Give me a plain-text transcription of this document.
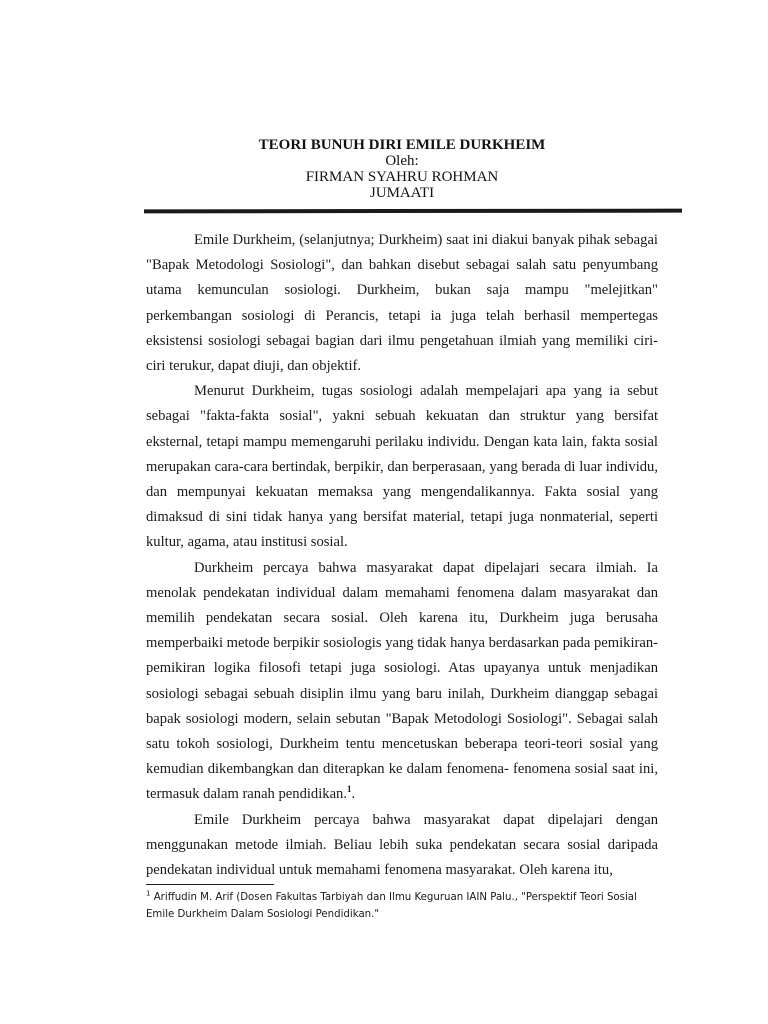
TEORI BUNUH DIRI EMILE DURKHEIM
Oleh:
FIRMAN SYAHRU ROHMAN
JUMAATI

Emile Durkheim, (selanjutnya; Durkheim) saat ini diakui banyak pihak sebagai "Bapak Metodologi Sosiologi", dan bahkan disebut sebagai salah satu penyumbang utama kemunculan sosiologi. Durkheim, bukan saja mampu "melejitkan" perkembangan sosiologi di Perancis, tetapi ia juga telah berhasil mempertegas eksistensi sosiologi sebagai bagian dari ilmu pengetahuan ilmiah yang memiliki ciri-ciri terukur, dapat diuji, dan objektif.

Menurut Durkheim, tugas sosiologi adalah mempelajari apa yang ia sebut sebagai "fakta-fakta sosial", yakni sebuah kekuatan dan struktur yang bersifat eksternal, tetapi mampu memengaruhi perilaku individu. Dengan kata lain, fakta sosial merupakan cara-cara bertindak, berpikir, dan berperasaan, yang berada di luar individu, dan mempunyai kekuatan memaksa yang mengendalikannya. Fakta sosial yang dimaksud di sini tidak hanya yang bersifat material, tetapi juga nonmaterial, seperti kultur, agama, atau institusi sosial.

Durkheim percaya bahwa masyarakat dapat dipelajari secara ilmiah. Ia menolak pendekatan individual dalam memahami fenomena dalam masyarakat dan memilih pendekatan secara sosial. Oleh karena itu, Durkheim juga berusaha memperbaiki metode berpikir sosiologis yang tidak hanya berdasarkan pada pemikiran-pemikiran logika filosofi tetapi juga sosiologi. Atas upayanya untuk menjadikan sosiologi sebagai sebuah disiplin ilmu yang baru inilah, Durkheim dianggap sebagai bapak sosiologi modern, selain sebutan "Bapak Metodologi Sosiologi". Sebagai salah satu tokoh sosiologi, Durkheim tentu mencetuskan beberapa teori-teori sosial yang kemudian dikembangkan dan diterapkan ke dalam fenomena- fenomena sosial saat ini, termasuk dalam ranah pendidikan.$^1$.

Emile Durkheim percaya bahwa masyarakat dapat dipelajari dengan menggunakan metode ilmiah. Beliau lebih suka pendekatan secara sosial daripada pendekatan individual untuk memahami fenomena masyarakat. Oleh karena itu,

$^1$ Ariffudin M. Arif (Dosen Fakultas Tarbiyah dan Ilmu Keguruan IAIN Palu., "Perspektif Teori Sosial Emile Durkheim Dalam Sosiologi Pendidikan."
